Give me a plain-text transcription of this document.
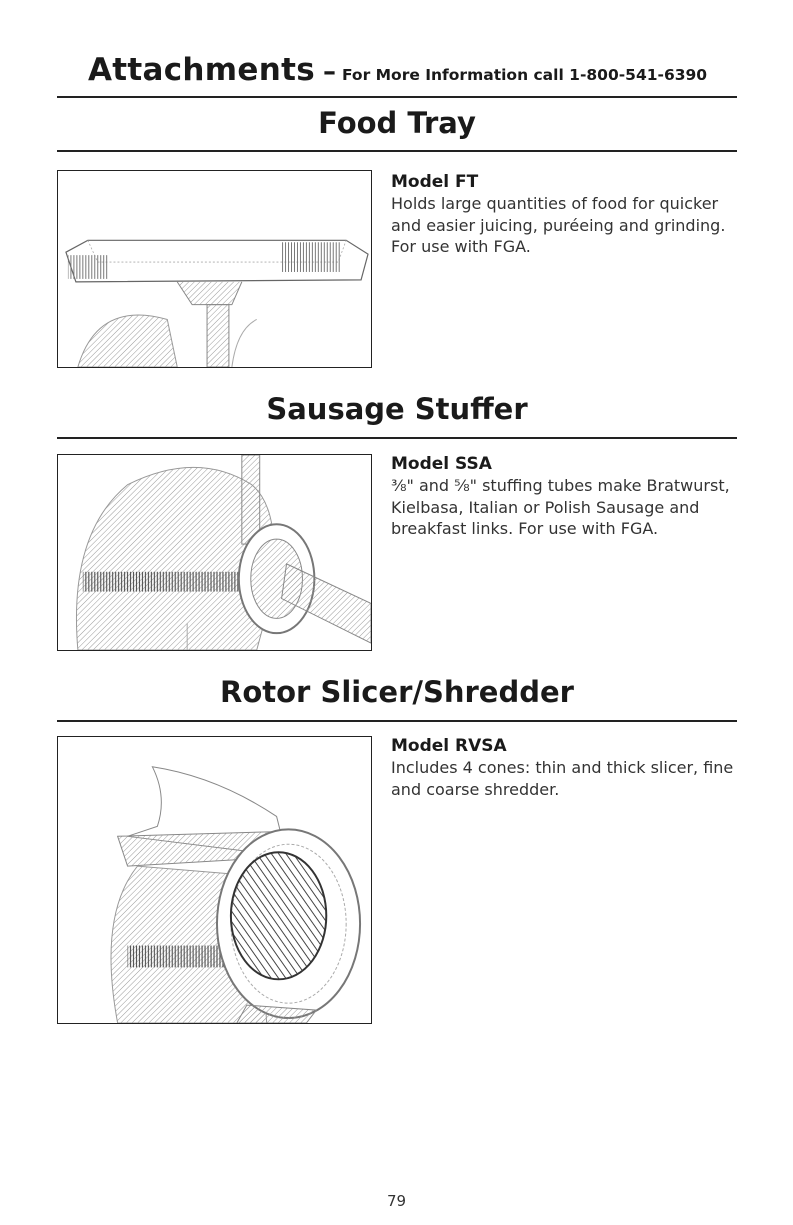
Attachments – For More Information call 1-800-541-6390
Food Tray
Model FT
Holds large quantities of food for quicker and easier juicing, puréeing and grinding. For use with FGA.
Sausage Stuffer
Model SSA
⅜" and ⅝" stuffing tubes make Bratwurst, Kielbasa, Italian or Polish Sausage and breakfast links. For use with FGA.
Rotor Slicer/Shredder
Model RVSA
Includes 4 cones: thin and thick slicer, fine and coarse shredder.
79
